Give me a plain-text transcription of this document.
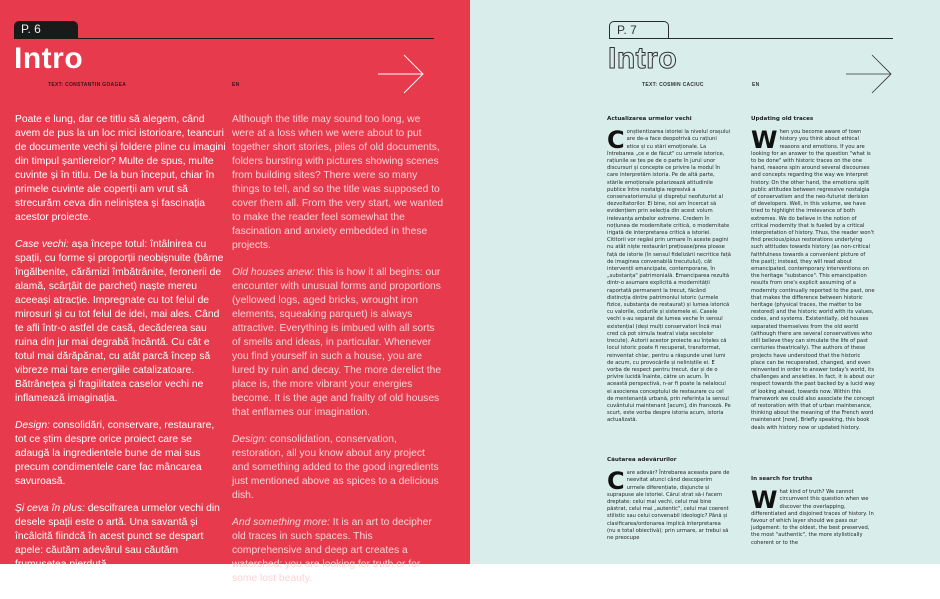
P. 6
Intro
TEXT: CONSTANTIN GOAGEA	EN

Poate e lung, dar ce titlu să alegem, când avem de pus la un loc mici istorioare, teancuri de documente vechi și foldere pline cu imagini din timpul șantierelor? Multe de spus, multe cuvinte și în titlu. De la bun început, chiar în primele cuvinte ale coperții am vrut să strecurăm ceva din neliniștea și fascinația acestor proiecte.

Case vechi: așa începe totul: întâlnirea cu spații, cu forme și proporții neobișnuite (bârne îngălbenite, cărămizi îmbătrânite, feronerii de alamă, scârțâit de parchet) naște mereu aceeași atracție. Impregnate cu tot felul de mirosuri și cu tot felul de idei, mai ales. Când te afli într-o astfel de casă, decăderea sau ruina din jur mai degrabă încântă. Cu cât e totul mai dărăpănat, cu atât parcă încep să vibreze mai tare energiile catalizatoare. Bătrânețea și fragilitatea caselor vechi ne inflamează imaginația.

Design: consolidări, conservare, restaurare, tot ce știm despre orice proiect care se adaugă la ingredientele bune de mai sus precum condimentele care fac mâncarea savuroasă.

Și ceva în plus: descifrarea urmelor vechi din desele spații este o artă. Una savantă și încâlcită fiindcă în acest punct se despart apele: căutăm adevărul sau căutăm frumusețea pierdută.

Although the title may sound too long, we were at a loss when we were about to put together short stories, piles of old documents, folders bursting with pictures showing scenes from building sites? There were so many things to tell, and so the title was supposed to cover them all. From the very start, we wanted to make the reader feel somewhat the fascination and anxiety embedded in these projects.

Old houses anew: this is how it all begins: our encounter with unusual forms and proportions (yellowed logs, aged bricks, wrought iron elements, squeaking parquet) is always attractive. Everything is imbued with all sorts of smells and ideas, in particular. Whenever you find yourself in such a house, you are lured by ruin and decay. The more derelict the place is, the more vibrant your energies become. It is the age and frailty of old houses that enflames our imagination.

Design: consolidation, conservation, restoration, all you know about any project and something added to the good ingredients just mentioned above as spices to a delicious dish.

And something more: It is an art to decipher old traces in such spaces. This comprehensive and deep art creates a watershed: you are looking for truth or for some lost beauty.

P. 7
Intro
TEXT: COSMIN CACIUC	EN
Actualizarea urmelor vechi
Conștientizarea istoriei la nivelul orașului are de-a face deopotrivă cu rațiuni etice și cu stări emoționale. La întrebarea „ce e de făcut" cu urmele istorice, rațiunile se țes pe de o parte în jurul unor discursuri și concepte ce privire la modul în care interpretăm istoria. Pe de altă parte, stările emoționale polarizează atitudinile publice între nostalgia regresivă a conservatorismului și disprețul neofuturist al dezvoltatorilor. Ei bine, noi am încercat să evidențiem prin selecția din acest volum irelevanța ambelor extreme. Credem în noțiunea de modernitate critică, o modernitate irigată de interpretarea critică a istoriei. Cititorii vor regăsi prin urmare în aceste pagini nu atât niște restaurări prețioase/prea pioase față de istorie (în sensul fidelizării necritice față de imaginea convenabilă trecutului), cât intervenții emancipate, contemporane, în „substanța" patrimonială. Emanciparea rezultă dintr-o asumare explicită a modernității raportată permanent la trecut, făcând distincția dintre patrimoniul istoric (urmele fizice, substanța de restaurat) și lumea istorică cu valorile, codurile și sistemele ei. Casele vechi s-au separat de lumea veche în sensul existențial (deși mulți conservatori încă mai cred că pot simula teatral viața secolelor trecute). Autorii acestor proiecte au înțeles că locul istoric poate fi recuperat, transformat, reinventat chiar, pentru a răspunde unei lumi de acum, cu provocările și neliniștile ei. E vorba de respect pentru trecut, dar și de o privire lucidă înainte, către un acum. În această perspectivă, n-ar fi poate la nelalocul ei asocierea conceptului de restaurare cu cel de mentenanță urbană, prin referința la sensul cuvântului maintenant [acum], din franceză. Pe scurt, este vorba despre istoria acum, istoria actualizată.
Căutarea adevărurilor
Care adevăr? Întrebarea aceasta pare de neevitat atunci când descoperim urmele diferențiate, disjuncte și suprapuse ale istoriei. Cărui strat să-i facem dreptate: celui mai vechi, celui mai bine păstrat, celui mai „autentic", celui mai coerent stilistic sau celui convenabil ideologic? Până și clasificarea/ordonarea implică interpretarea (nu e total obiectivă); prin urmare, ar trebui să ne preocupe
Updating old traces
When you become aware of town history you think about ethical reasons and emotions. If you are looking for an answer to the question "what is to be done" with historic traces on the one hand, reasons spin around several discourses and concepts regarding the way we interpret history. On the other hand, the emotions split public attitudes between regressive nostalgia of conservatism and the neo-futurist derision of developers. Well, in this volume, we have tried to highlight the irrelevance of both extremes. We do believe in the notion of critical modernity that is fueled by a critical interpretation of history. Thus, the reader won't find precious/pious restorations underlying such attitudes towards history (as non-critical faithfulness towards a convenient picture of the past); instead, they will read about emancipated, contemporary interventions on the heritage "substance". This emancipation results from one's explicit assuming of a modernity continually reported to the past, one that makes the difference between historic heritage (physical traces, the matter to be restored) and the historic world with its values, codes, and systems. Existentially, old houses separated themselves from the old world (although there are several conservatives who still believe they can simulate the life of past centuries theatrically). The authors of these projects have understood that the historic place can be recuperated, changed, and even reinvented in order to answer today's world, its challenges and anxieties. In fact, it is about our respect towards the past backed by a lucid way of looking ahead, towards now. Within this framework we could also associate the concept of restoration with that of urban maintenance, thinking about the meaning of the French word maintenant [now]. Briefly speaking, this book deals with history now or updated history.
In search for truths
What kind of truth? We cannot circumvent this question when we discover the overlapping, differentiated and disjoined traces of history. In favour of which layer should we pass our judgement: to the oldest, the best preserved, the most "authentic", the more stylistically coherent or to the
